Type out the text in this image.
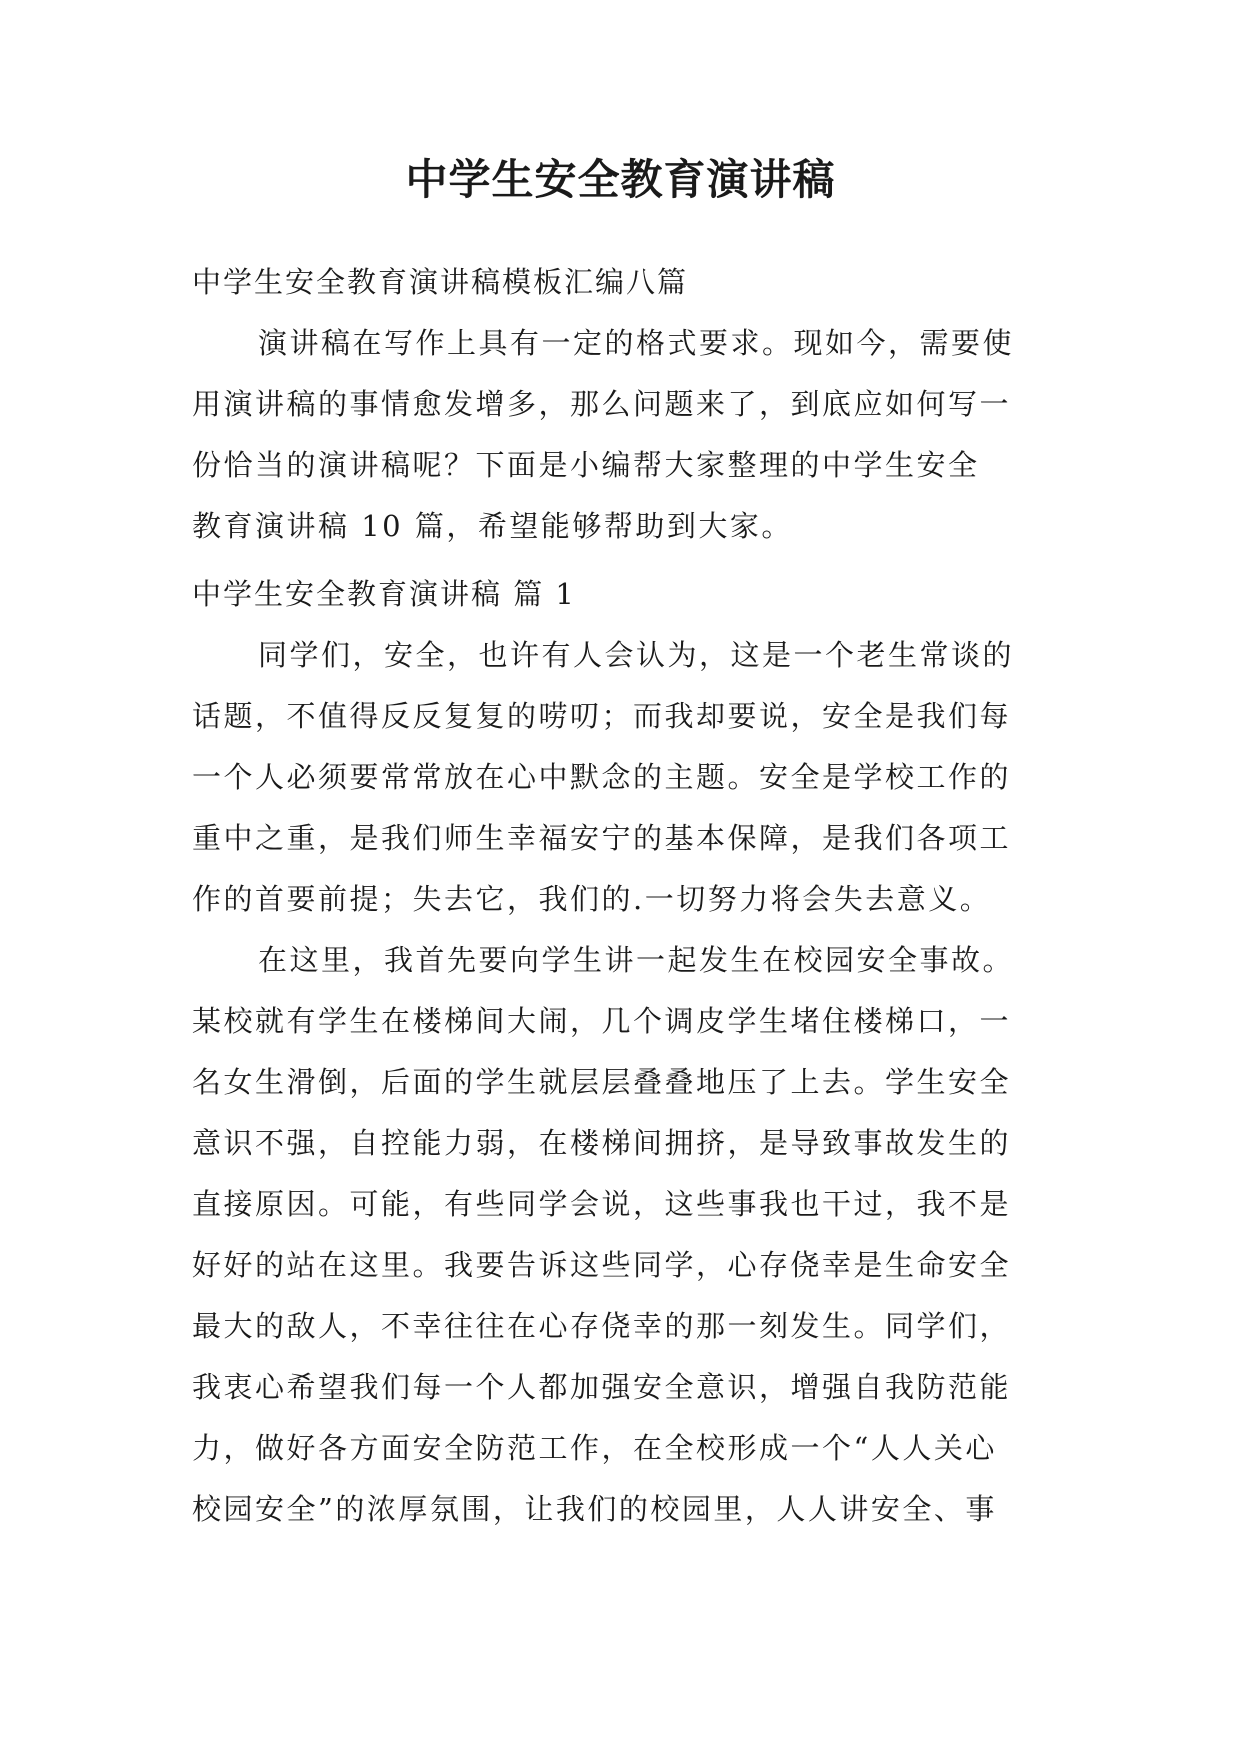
中学生安全教育演讲稿
中学生安全教育演讲稿模板汇编八篇
演讲稿在写作上具有一定的格式要求。现如今，需要使
用演讲稿的事情愈发增多，那么问题来了，到底应如何写一
份恰当的演讲稿呢？下面是小编帮大家整理的中学生安全
教育演讲稿 10 篇，希望能够帮助到大家。
中学生安全教育演讲稿 篇 1
同学们，安全，也许有人会认为，这是一个老生常谈的
话题，不值得反反复复的唠叨；而我却要说，安全是我们每
一个人必须要常常放在心中默念的主题。安全是学校工作的
重中之重，是我们师生幸福安宁的基本保障，是我们各项工
作的首要前提；失去它，我们的.一切努力将会失去意义。
在这里，我首先要向学生讲一起发生在校园安全事故。
某校就有学生在楼梯间大闹，几个调皮学生堵住楼梯口，一
名女生滑倒，后面的学生就层层叠叠地压了上去。学生安全
意识不强，自控能力弱，在楼梯间拥挤，是导致事故发生的
直接原因。可能，有些同学会说，这些事我也干过，我不是
好好的站在这里。我要告诉这些同学，心存侥幸是生命安全
最大的敌人，不幸往往在心存侥幸的那一刻发生。同学们，
我衷心希望我们每一个人都加强安全意识，增强自我防范能
力，做好各方面安全防范工作，在全校形成一个“人人关心
校园安全”的浓厚氛围，让我们的校园里，人人讲安全、事
